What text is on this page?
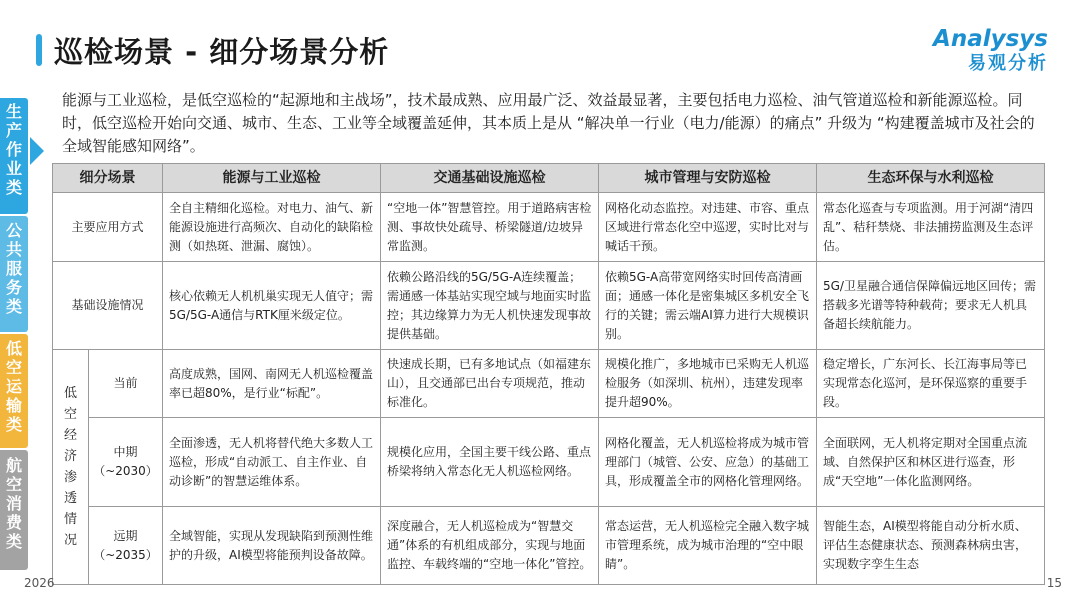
巡检场景 - 细分场景分析	Analysys
易观分析
生产作业类
公共服务类
低空运输类
航空消费类
能源与工业巡检，是低空巡检的“起源地和主战场”，技术最成熟、应用最广泛、效益最显著，主要包括电力巡检、油气管道巡检和新能源巡检。同时，低空巡检开始向交通、城市、生态、工业等全域覆盖延伸，其本质上是从 “解决单一行业（电力/能源）的痛点” 升级为 “构建覆盖城市及社会的全域智能感知网络”。
细分场景		能源与工业巡检	交通基础设施巡检	城市管理与安防巡检	生态环保与水利巡检
主要应用方式		全自主精细化巡检。对电力、油气、新能源设施进行高频次、自动化的缺陷检测（如热斑、泄漏、腐蚀）。	“空地一体”智慧管控。用于道路病害检测、事故快处疏导、桥梁隧道/边坡异常监测。	网格化动态监控。对违建、市容、重点区域进行常态化空中巡逻，实时比对与喊话干预。	常态化巡查与专项监测。用于河湖“清四乱”、秸秆禁烧、非法捕捞监测及生态评估。
基础设施情况		核心依赖无人机机巢实现无人值守；需5G/5G-A通信与RTK厘米级定位。	依赖公路沿线的5G/5G-A连续覆盖；需通感一体基站实现空域与地面实时监控；其边缘算力为无人机快速发现事故提供基础。	依赖5G-A高带宽网络实时回传高清画面；通感一体化是密集城区多机安全飞行的关键；需云端AI算力进行大规模识别。	5G/卫星融合通信保障偏远地区回传；需搭载多光谱等特种载荷；要求无人机具备超长续航能力。
低空经济渗透情况	当前	高度成熟，国网、南网无人机巡检覆盖率已超80%，是行业“标配”。	快速成长期，已有多地试点（如福建东山），且交通部已出台专项规范，推动标准化。	规模化推广，多地城市已采购无人机巡检服务（如深圳、杭州），违建发现率提升超90%。	稳定增长，广东河长、长江海事局等已实现常态化巡河，是环保巡察的重要手段。
	中期 （~2030）	全面渗透，无人机将替代绝大多数人工巡检，形成“自动派工、自主作业、自动诊断”的智慧运维体系。	规模化应用，全国主要干线公路、重点桥梁将纳入常态化无人机巡检网络。	网格化覆盖，无人机巡检将成为城市管理部门（城管、公安、应急）的基础工具，形成覆盖全市的网格化管理网络。	全面联网，无人机将定期对全国重点流域、自然保护区和林区进行巡查，形成“天空地”一体化监测网络。
	远期 （~2035）	全域智能，实现从发现缺陷到预测性维护的升级，AI模型将能预判设备故障。	深度融合，无人机巡检成为“智慧交通”体系的有机组成部分，实现与地面监控、车载终端的“空地一体化”管控。	常态运营，无人机巡检完全融入数字城市管理系统，成为城市治理的“空中眼睛”。	智能生态，AI模型将能自动分析水质、评估生态健康状态、预测森林病虫害，实现数字孪生生态
2026	15
